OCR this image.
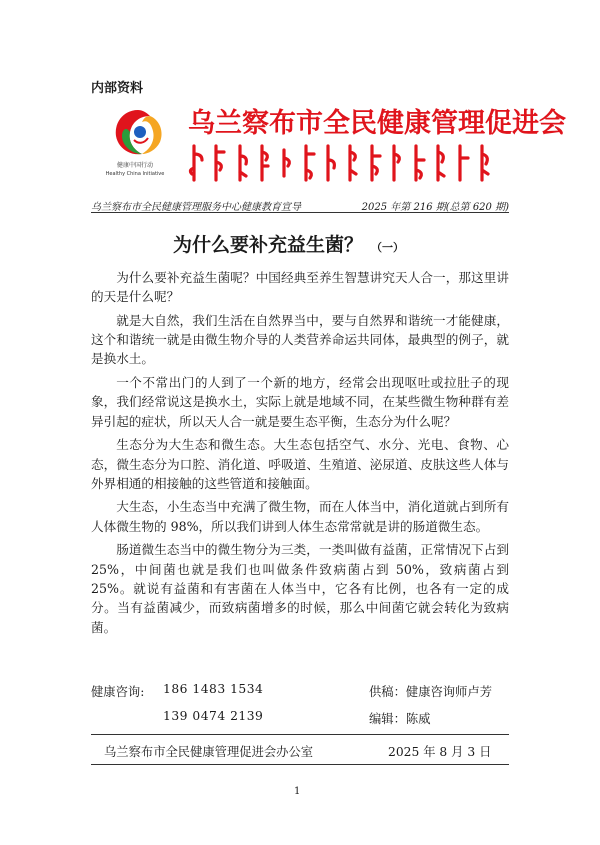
内部资料
健康中国行动
Healthy China Initiative
乌兰察布市全民健康管理促进会
乌兰察布市全民健康管理服务中心健康教育宣导	2025 年第 216 期(总第 620 期)
为什么要补充益生菌？ （一）

为什么要补充益生菌呢？中国经典至养生智慧讲究天人合一，那这里讲的天是什么呢？

就是大自然，我们生活在自然界当中，要与自然界和谐统一才能健康，这个和谐统一就是由微生物介导的人类营养命运共同体，最典型的例子，就是换水土。

一个不常出门的人到了一个新的地方，经常会出现呕吐或拉肚子的现象，我们经常说这是换水土，实际上就是地域不同，在某些微生物种群有差异引起的症状，所以天人合一就是要生态平衡，生态分为什么呢？

生态分为大生态和微生态。大生态包括空气、水分、光电、食物、心态，微生态分为口腔、消化道、呼吸道、生殖道、泌尿道、皮肤这些人体与外界相通的相接触的这些管道和接触面。

大生态，小生态当中充满了微生物，而在人体当中，消化道就占到所有人体微生物的 98%，所以我们讲到人体生态常常就是讲的肠道微生态。

肠道微生态当中的微生物分为三类，一类叫做有益菌，正常情况下占到 25%，中间菌也就是我们也叫做条件致病菌占到 50%，致病菌占到 25%。就说有益菌和有害菌在人体当中，它各有比例，也各有一定的成分。当有益菌减少，而致病菌增多的时候，那么中间菌它就会转化为致病菌。

健康咨询: 186 1483 1534	供稿：健康咨询师卢芳
139 0474 2139	编辑：陈威
乌兰察布市全民健康管理促进会办公室	2025 年 8 月 3 日
1
